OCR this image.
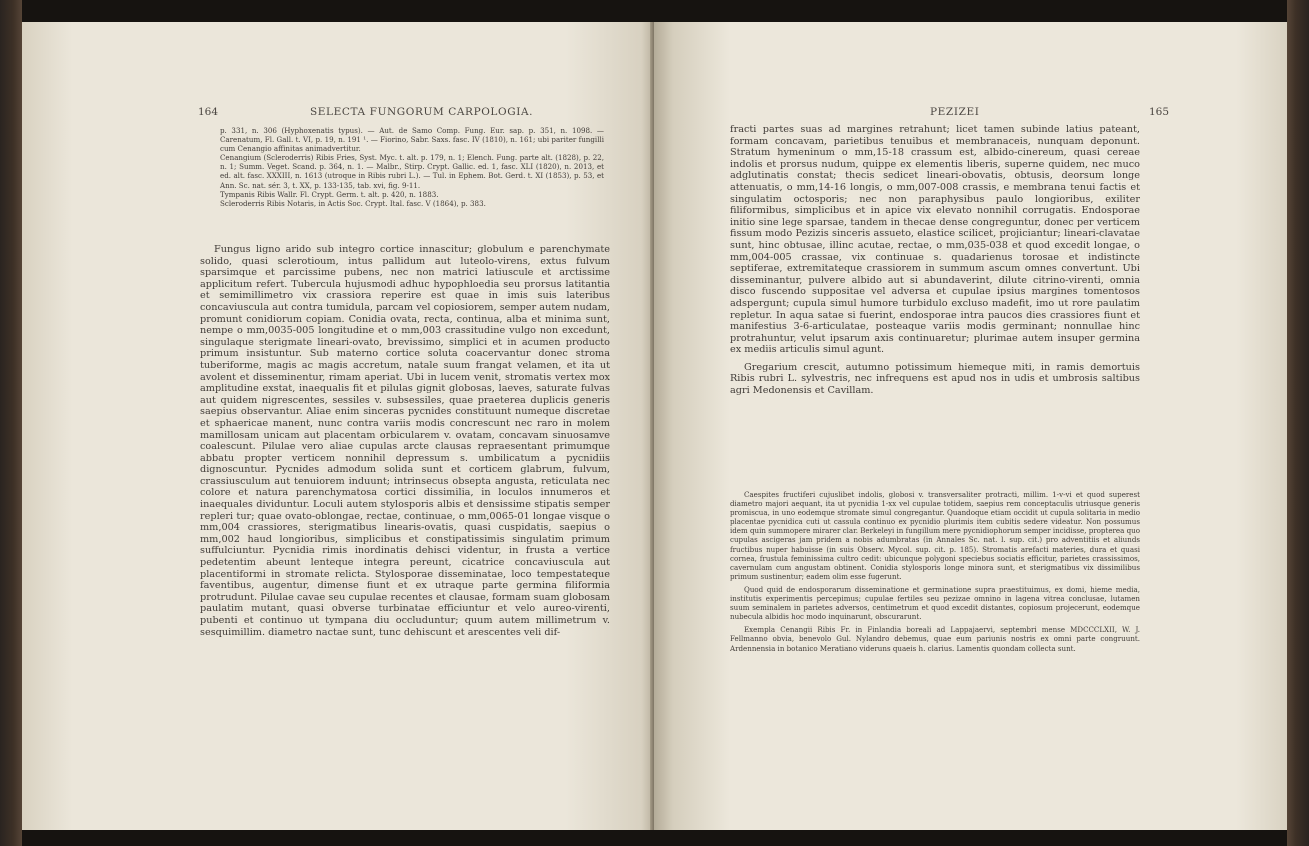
164	SELECTA FUNGORUM CARPOLOGIA.

p. 331, n. 306 (Hyphoxenatis typus). — Aut. de Samo Comp. Fung. Eur. sap. p. 351, n. 1098. — Carenatum, Fl. Gall. t. VI, p. 19, n. 191 ¹. — Fiorino, Sabr. Saxs. fasc. IV (1810), n. 161; ubi pariter fungilli cum Cenangio affinitas animadvertitur.

Cenangium (Scleroderris) Ribis Fries, Syst. Myc. t. alt. p. 179, n. 1; Elench. Fung. parte alt. (1828), p. 22, n. 1; Summ. Veget. Scand. p. 364, n. 1. — Malbr., Stirp. Crypt. Gallic. ed. 1, fasc. XLI (1820), n. 2013, et ed. alt. fasc. XXXIII, n. 1613 (utroque in Ribis rubri L.). — Tul. in Ephem. Bot. Gerd. t. XI (1853), p. 53, et Ann. Sc. nat. sér. 3, t. XX, p. 133-135, tab. xvi, fig. 9-11.

Tympanis Ribis Wallr. Fl. Crypt. Germ. t. alt. p. 420, n. 1883.

Scleroderris Ribis Notaris, in Actis Soc. Crypt. Ital. fasc. V (1864), p. 383.

Fungus ligno arido sub integro cortice innascitur; globulum e parenchymate solido, quasi sclerotioum, intus pallidum aut luteolo-virens, extus fulvum sparsimque et parcissime pubens, nec non matrici latiuscule et arctissime applicitum refert. Tubercula hujusmodi adhuc hypophloedia seu prorsus latitantia et semimillimetro vix crassiora reperire est quae in imis suis lateribus concaviuscula aut contra tumidula, parcam vel copiosiorem, semper autem nudam, promunt conidiorum copiam. Conidia ovata, recta, continua, alba et minima sunt, nempe o mm,0035-005 longitudine et o mm,003 crassitudine vulgo non excedunt, singulaque sterigmate lineari-ovato, brevissimo, simplici et in acumen producto primum insistuntur. Sub materno cortice soluta coacervantur donec stroma tuberiforme, magis ac magis accretum, natale suum frangat velamen, et ita ut avolent et disseminentur, rimam aperiat. Ubi in lucem venit, stromatis vertex mox amplitudine exstat, inaequalis fit et pilulas gignit globosas, laeves, saturate fulvas aut quidem nigrescentes, sessiles v. subsessiles, quae praeterea duplicis generis saepius observantur. Aliae enim sinceras pycnides constituunt numeque discretae et sphaericae manent, nunc contra variis modis concrescunt nec raro in molem mamillosam unicam aut placentam orbicularem v. ovatam, concavam sinuosamve coalescunt. Pilulae vero aliae cupulas arcte clausas repraesentant primumque abbatu propter verticem nonnihil depressum s. umbilicatum a pycnidiis dignoscuntur. Pycnides admodum solida sunt et corticem glabrum, fulvum, crassiusculum aut tenuiorem induunt; intrinsecus obsepta angusta, reticulata nec colore et natura parenchymatosa cortici dissimilia, in loculos innumeros et inaequales dividuntur. Loculi autem stylosporis albis et densissime stipatis semper repleri tur; quae ovato-oblongae, rectae, continuae, o mm,0065-01 longae visque o mm,004 crassiores, sterigmatibus linearis-ovatis, quasi cuspidatis, saepius o mm,002 haud longioribus, simplicibus et constipatissimis singulatim primum suffulciuntur. Pycnidia rimis inordinatis dehisci videntur, in frusta a vertice pedetentim abeunt lenteque integra pereunt, cicatrice concaviuscula aut placentiformi in stromate relicta. Stylosporae disseminatae, loco tempestateque faventibus, augentur, dimense fiunt et ex utraque parte germina filiformia protrudunt. Pilulae cavae seu cupulae recentes et clausae, formam suam globosam paulatim mutant, quasi obverse turbinatae efficiuntur et velo aureo-virenti, pubenti et continuo ut tympana diu occluduntur; quum autem millimetrum v. sesquimillim. diametro nactae sunt, tunc dehiscunt et arescentes veli dif-

PEZIZEI	165

fracti partes suas ad margines retrahunt; licet tamen subinde latius pateant, formam concavam, parietibus tenuibus et membranaceis, nunquam deponunt. Stratum hymeninum o mm,15-18 crassum est, albido-cinereum, quasi cereae indolis et prorsus nudum, quippe ex elementis liberis, superne quidem, nec muco adglutinatis constat; thecis sedicet lineari-obovatis, obtusis, deorsum longe attenuatis, o mm,14-16 longis, o mm,007-008 crassis, e membrana tenui factis et singulatim octosporis; nec non paraphysibus paulo longioribus, exiliter filiformibus, simplicibus et in apice vix elevato nonnihil corrugatis. Endosporae initio sine lege sparsae, tandem in thecae dense congreguntur, donec per verticem fissum modo Pezizis sinceris assueto, elastice scilicet, projiciantur; lineari-clavatae sunt, hinc obtusae, illinc acutae, rectae, o mm,035-038 et quod excedit longae, o mm,004-005 crassae, vix continuae s. quadarienus torosae et indistincte septiferae, extremitateque crassiorem in summum ascum omnes convertunt. Ubi disseminantur, pulvere albido aut si abundaverint, dilute citrino-virenti, omnia disco fuscendo suppositae vel adversa et cupulae ipsius margines tomentosos adspergunt; cupula simul humore turbidulo excluso madefit, imo ut rore paulatim repletur. In aqua satae si fuerint, endosporae intra paucos dies crassiores fiunt et manifestius 3-6-articulatae, posteaque variis modis germinant; nonnullae hinc protrahuntur, velut ipsarum axis continuaretur; plurimae autem insuper germina ex mediis articulis simul agunt.

Gregarium crescit, autumno potissimum hiemeque miti, in ramis demortuis Ribis rubri L. sylvestris, nec infrequens est apud nos in udis et umbrosis saltibus agri Medonensis et Cavillam.

Caespites fructiferi cujuslibet indolis, globosi v. transversaliter protracti, millim. 1-v-vi et quod superest diametro majori aequant, ita ut pycnidia 1-xx vel cupulae totidem, saepius rem conceptaculis utriusque generis promiscua, in uno eodemque stromate simul congregantur. Quandoque etiam occidit ut cupula solitaria in medio placentae pycnidica cuti ut cassula continuo ex pycnidio plurimis item cubitis sedere videatur. Non possumus idem quin summopere mirarer clar. Berkeleyi in fungillum mere pycnidiophorum semper incidisse, propterea quo cupulas ascigeras jam pridem a nobis adumbratas (in Annales Sc. nat. l. sup. cit.) pro adventitiis et aliunds fructibus nuper habuisse (in suis Observ. Mycol. sup. cit. p. 185). Stromatis arefacti materies, dura et quasi cornea, frustula feminissima cultro cedit: ubicunque polygoni speciebus sociatis efficitur, parietes crassissimos, cavernulam cum angustam obtinent. Conidia stylosporis longe minora sunt, et sterigmatibus vix dissimilibus primum sustinentur; eadem olim esse fugerunt.

Quod quid de endosporarum disseminatione et germinatione supra praestituimus, ex domi, hieme media, institutis experimentis percepimus; cupulae fertiles seu pezizae omnino in lagena vitrea conclusae, lutamen suum seminalem in parietes adversos, centimetrum et quod excedit distantes, copiosum projecerunt, eodemque nubecula albidis hoc modo inquinarunt, obscurarunt.

Exempla Cenangii Ribis Fr. in Finlandia boreali ad Lappajaervi, septembri mense MDCCCLXII, W. J. Fellmanno obvia, benevolo Gul. Nylandro debemus, quae eum pariunis nostris ex omni parte congruunt. Ardennensia in botanico Meratiano videruns quaeis h. clarius. Lamentis quondam collecta sunt.
